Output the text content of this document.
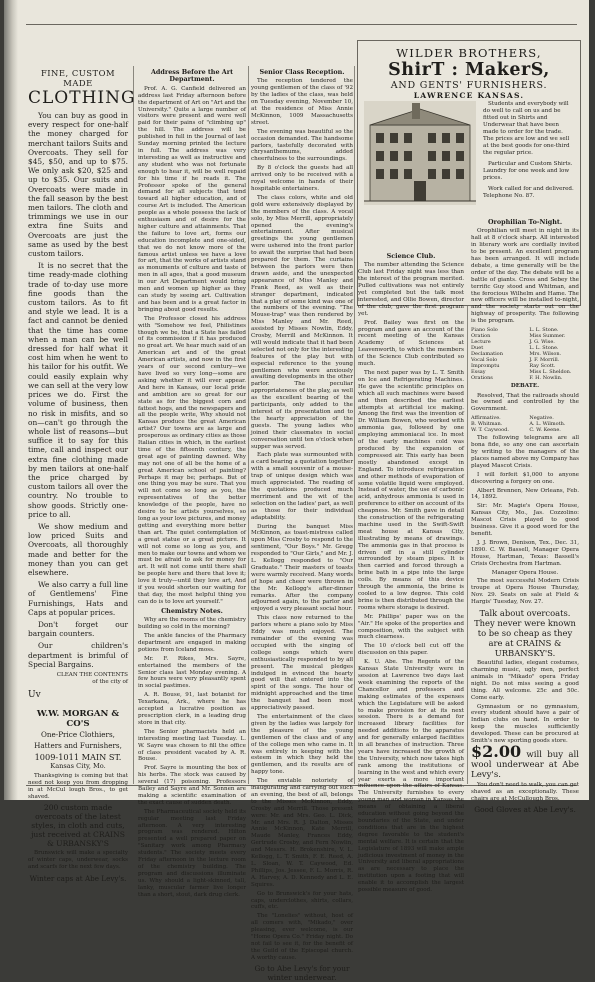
FINE, CUSTOM MADE
CLOTHING

You can buy as good in every respect for one-half the money charged for merchant tailors Suits and Overcoats. They sell for $45, $50, and up to $75. We only ask $20, $25 and up to $35. Our suits and Overcoats were made in the fall season by the best men tailors. The cloth and trimmings we use in our extra fine Suits and Overcoats are just the same as used by the best custom tailors.

It is no secret that the time ready-made clothing trade of to-day use more fine goods than the custom tailors. As to fit and style we lead. It is a fact and cannot be denied that the time has come when a man can be well dressed for half what it cost him when he went to his tailor for his outfit. We could easily explain why we can sell at the very low prices we do. First the volume of business, then no risk in misfits, and so on—can't go through the whole list of reasons—but suffice it to say for this time, call and inspect our extra fine clothing made by men tailors at one-half the price charged by custom tailors all over the country. No trouble to show goods. Strictly one-price to all.

We show medium and low priced Suits and Overcoats, all thoroughly made and better for the money than you can get elsewhere.

We also carry a full line of Gentlemens' Fine Furnishings, Hats and Caps at popular prices.

Don't forget our bargain counters.

Our children's department is brimful of Special Bargains.

CLEAN THE CONTENTS
of the city of
Uv
W.W. MORGAN & CO'S
One-Price Clothiers,
Hatters and Furnishers,
1009-1011 MAIN ST.
Kansas City, Mo.

Thanksgiving is coming but that need not keep you from dropping in at McCul lough Bros., to get shaved.

200 custom made overcoats of the latest styles, in cloth and cuts, just received at CRAINS & URBANSKY'S

Brunswick will make a specialty of winter caps, underwear, socks and scarfs for the next few days.

Winter caps at Abe Levy's.
Address Before the Art Department.

Prof. A. G. Canfield delivered an address last Friday afternoon before the department of Art on "Art and the University." Quite a large number of visitors were present and were well paid for their pains of "climbing up" the hill. The address will be published in full in the Journal of last Sunday morning printed the lecture in full. The address was very interesting as well as instructive and any student who was not fortunate enough to hear it, will be well repaid for his time if he reads it. The Professor spoke of the general demand for all subjects that tend toward all higher education, and of course Art is included. The American people as a whole possess the lack of enthusiasm and of desire for the higher culture and attainments. That the failure to love art, forms our education incomplete and one-sided, that we do not know more of the famous artist unless we have a love for art, that the works of artists stand as monuments of culture and taste of men in all ages, that a good museum in our Art Department would bring men and women up higher as they can study by seeing art. Cultivation and has been and is a great factor in bringing about good results.

The Professor closed his address with "Somehow we feel, Philistines though we be, that a State has failed of its commission if it has produced no great art. We hear much said of an American art and of the great American artists, and now in the first years of our second century—we have lived so very long—some are asking whether it will ever appear. And here in Kansas, our local pride and ambition are so great for our state as for the biggest corn and fattest hogs, and the newspapers and all the people write, Why should not Kansas produce the great American artist? Our towns are as large and prosperous as ordinary cities as those Italian cities in which, in the earliest time of the fifteenth century, the great age of painting dawned. Why may not one of all be the home of a great American school of painting? Perhaps it may be; perhaps. But of one thing you may be sure. That you will not come so long as you, the representatives of the better knowledge of the people, have no desire to be artists yourselves, so long as your love pictures, and money getting and everything more better than art. The quiet contemplation of a great statue or a great picture. It will not come so long as you, and men to make our towns and whom we must be afraid to ask for money for art. It will not come until there shall be people here and there that love it; love it truly—until they love art, And if you would shorten our waiting for that day, the most helpful thing you can do is to love art yourself."

Chemistry Notes.

Why are the rooms of the chemistry building so cold in the morning?

The ankle fancies of the Pharmacy department are engaged in making potions from Iceland moss.

Mr. F. Rikes, Mrs. Sayre, entertained the members of the Senior class last Monday evening. A few hours were very pleasantly spent in social pastimes.

A. R. Bouse, 91, last botanist for Texarkana, Ark., where he has accepted a lucrative position as prescription clerk, in a leading drug store in that city.

The Senior pharmacists held an interesting meeting last Tuesday. L. W. Sayre was chosen to fill the office of class president vacated by A. R. Bouse.

Prof. Sayre is mounting the box of his herbs. The stock was caused by several (17) poisoning. Professors Bailey and Sayre and Mr. Sonnen are making a scientific examination of the exact cause of sudden death.

The Pharmaceutical society held its regular meeting last Friday afternoon. A very interesting program was rendered. Hilton presented a well prepared paper on "Sanitary work among Pharmacy students." The society meets every Friday afternoon in the lecture room of the chemistry building. The program and discussions illuminate us. Why should a light-skinned, tall, lanky, muscular farmer live longer than a short, stout, dark drug clerk.

Senior Class Reception.

The reception tendered the young gentlemen of the class of '92 by the ladies of the class, was held on Tuesday evening, November 10, at the residence of Miss Annie McKinnon, 1009 Massachusetts street.

The evening was beautiful so the occasion demanded. The handsome parlors, tastefully decorated with chrysanthemums, added cheerfulness to the surroundings.

By 8 o'clock the guests had all arrived only to be received with a royal welcome in hands of their hospitable entertainers.

The class colors, white and old gold were extensively displayed by the members of the class. A vocal solo, by Miss Merrill, appropriately opened the evening's entertainment. After musical greetings the young gentlemen were ushered into the front parlor to await the surprise that had been prepared for them. The curtains between the parlors were then drawn aside, and the unexpected appearance of Miss Manley and Frank Reed, as well as their stranger department, indicated that a play of some kind was one of the numbers of the evening. "The Mouse-trap" was then rendered by Miss Manley and Mr. Reed, assisted by Misses Nowlin, Eddy, Crosby, Merrill and McKinnon. It will would indicate that it had been selected not only for the interesting features of the play but with especial reference to the young gentlemen who were anxiously awaiting developments in the other parlor. The peculiar appropriateness of the play, as well as the excellent bearing of the participants, only added to the interest of its presentation and to the hearty appreciation of the guests. The young ladies who joined their classmates in social conversation until ten o'clock when supper was served.

Each plate was surmounted with a card bearing a quotation together with a small souvenir of a mouse-trap of unique design which was much appreciated. The reading of the quotations produced much merriment and the wit of the selection on the ladies' part, as well as those for their individual adaptability.

During the banquet Miss McKinnon, as toast-mistress called upon Miss Crosby to respond to the sentiment, "Our Boys." Mr. Gregg responded to "Our Girls," and Mr. J. L. Kellogg responded to "Our Graduate." Their masters of toasts were warmly received. Many words of hope and cheer were thrown in the Mr. Kellogg's after-dinner remarks. After the company adjourned again, to the parlor and enjoyed a very pleasant social hour.

This class now returned to the parlors where a piano solo by Miss Eddy was much enjoyed. The remainder of the evening was occupied with the singing of college songs which were enthusiastically responded to by all present. The musical pledges indulged in evinced the hearty good will that entered into the spirit of the songs. The hour of midnight approached and the time the banquet had been most appreciatively passed.

The entertainment of the class given by the ladies was largely for the pleasure of the young gentlemen of the class and of any of the college men who came in. It was entirely in keeping with the esteem in which they held the gentlemen, and its results are of happy tone.

The enviable notoriety of inaugurating and carrying out such an evening, the best of all, belongs to the Misses McKinnon, Eddy, Crosby and Merrill. Those present were: Mr. and Mrs. Geo. L. Dick, Mr. and Mrs. R. J. Dalton, Misses Annie McKinnon, Kate Merrill, Maude Manley, Frances Eddy, Gertrude Crosby, and Fern Nowlin, and Messrs. H. Brokenshire, V. L. Kellogg, L. T. Smith, F. E. Reed, A. L. Sloan, W. T. Caywood, Ed. Phillips, Jos. Jessee, F. L. Morris, R. A. Harvey, A. D. Kennedy and L. E. Squires.

Go to Brunswick's for your hats, caps, underclothes, shirts, collars, cuffs, etc.

The "Lonelies" without, host of all comers with, "Mikado," over pleasing, ever welcome, is our "Home Opera Co." Friday night. Do not fail to see it, for the benefit of the Guild of the Episcopal church. A worthy cause.

Go to Abe Levy's for your winter underwear.

WILDER BROTHERS,
ShirT : MakerS,
AND GENTS' FURNISHERS.
LAWRENCE KANSAS.

Students and everybody will do well to call on us and be fitted out in Shirts and Underwear that have been made to order for the trade. The prices are low and we sell at the best goods for one-third the regular price.

Particular and Custom Shirts. Laundry for one week and low prices.

Work called for and delivered. Telephone No. 87.

Science Club.

The number attending the Science Club last Friday night was less than the interest of the program merited. Pulled cultivations was not entirely yet completed but the talk most interested, and Ollie Bowen, director of the club, gave the first program yet.

Prof. Bailey was first on the program and gave an account of the recent meeting of the Kansas Academy of Sciences at Leavenworth, to which the members of the Science Club contributed so much.

The next paper was by L. T. Smith on Ice and Refrigerating Machines. He gave the scientific principles on which all such machines were based and then described the earliest attempts at artificial ice making. Among the first was the invention of Dr. William Bowen, who worked with ammonia gas, followed by one employing ammoniacal ice. In most of the early machines cold was produced by the expansion of compressed air. This early has been mostly abandoned except in England. To introduce refrigeration and other methods of evaporation of some volatile liquid were employed. Instead of water, the use of carbonic acid, anhydrous ammonia is used in preference to either on account of its cheapness. Mr. Smith gave in detail the construction of the refrigerating machine used in the Swift-Swift meat house at Kansas City, illustrating by means of drawings. The ammonia gas in that process is driven off in a still cylinder surrounded by steam pipes. It is then carried and forced through a brine bath in a pipe into the large coils. By means of this device through the ammonia, the brine is cooled to a low degree. This cold brine is then distributed through the rooms where storage is desired.

Mr. Phillips' paper was on the "Air." He spoke of the properties and composition, with the subject with much clearness.

The 10 o'clock bell cut off the discussion on this paper.

K. U. Abe. The Regents of the Kansas State University were in session at Lawrence two days last week examining the reports of the Chancellor and professors and making estimates of the expenses which the Legislature will be asked to make provision for at its next session. There is a demand for increased library facilities for needed additions to the apparatus and for generally enlarged facilities in all branches of instruction. Three years have increased the growth of the University, which now takes high rank among the institutions of learning in the west and which every year exerts a more important influence upon the affairs of Kansas. The University furnishes to every young man and woman in Kansas the means of obtaining a liberal education without going beyond the boundaries of the State, and under conditions that are in the highest degree favorable to the student's mental welfare. It is certain that the Legislature of 1893 will make ample judicious investment of money in the University and liberal appropriations as are necessary to place the institution upon a footing that will enable it to accomplish the largest possible measure of good.

Orophilian To-Night.

Orophilian will meet in night in its hall at 8 o'clock sharp. All interested in literary work are cordially invited to be present. An excellent program has been arranged. It will include debate, a time generally will be the order of the day. The debate will be a battle of giants. Cross and Sebey the terrific Guy stood and Whitman, and the ferocious Wilhelm and Hame. The new officers will be installed to-night, and the society starts out on the highway of prosperity. The following is the program.

Piano Solo	L. L. Stone.
Oration	Miss Summer.
Lecture	J. G. Wise.
Duet	L. L. Stone.
Declamation	Mrs. Wilson.
Vocal Solo	J. F. Morrill.
Impromptu	Ray Scott.
Essay	Miss L. Sheldon.
Orations	F. H. Nowlin.
DEBATE.

Resolved, That the railroads should be owned and controlled by the Government.

Affirmative.	Negative.
B. Whitman.	A. L. Wilmoth.
W. T. Caywood.	C. W. Keene.

The following telegrams are all bona fide, so any one can ascertain by writing to the managers of the places named above my Company has played Mascot Crisis.

I will forfeit $1,000 to anyone discovering a forgery on one.

Albert Brennen, New Orleans, Feb. 14, 1892.

Sir: Mr. Magie's Opera House, Kansas City, Mo., Jas. Cozzolino: Mascot Crisis played to good business. Give it a good word for the benefit.

J. J. Brown, Denison, Tex., Dec. 31, 1890. C. W. Bassell, Manager Opera House, Hartman, Texas: Bassell's Crisis Orchestra from Hartman.

Manager Opera House.

The most successful Modern Crisis troupe at Opera House Thursday, Nov. 29. Seats on sale at Field & Hargis' Tuesday, Nov. 27.

Talk about overcoats. They never were known to be so cheap as they are at CRAINS & URBANSKY'S.

Beautiful ladies, elegant costumes, charming music, ugly men, perfect animals in "Mikado" opera Friday night. Do not miss seeing a good thing. All welcome. 25c and 50c. Come early.

Gymnasium or no gymnasium, every student should have a pair of Indian clubs on hand. In order to keep the muscles sufficiently developed. These can be procured at Smith's new sporting goods store.

$2.00 will buy all wool underwear at Abe Levy's.

You don't need to walk, you can get shaved as an exceptionally. These chairs are at McCullough Bros.

Good Gloves at Abe Levy's.
